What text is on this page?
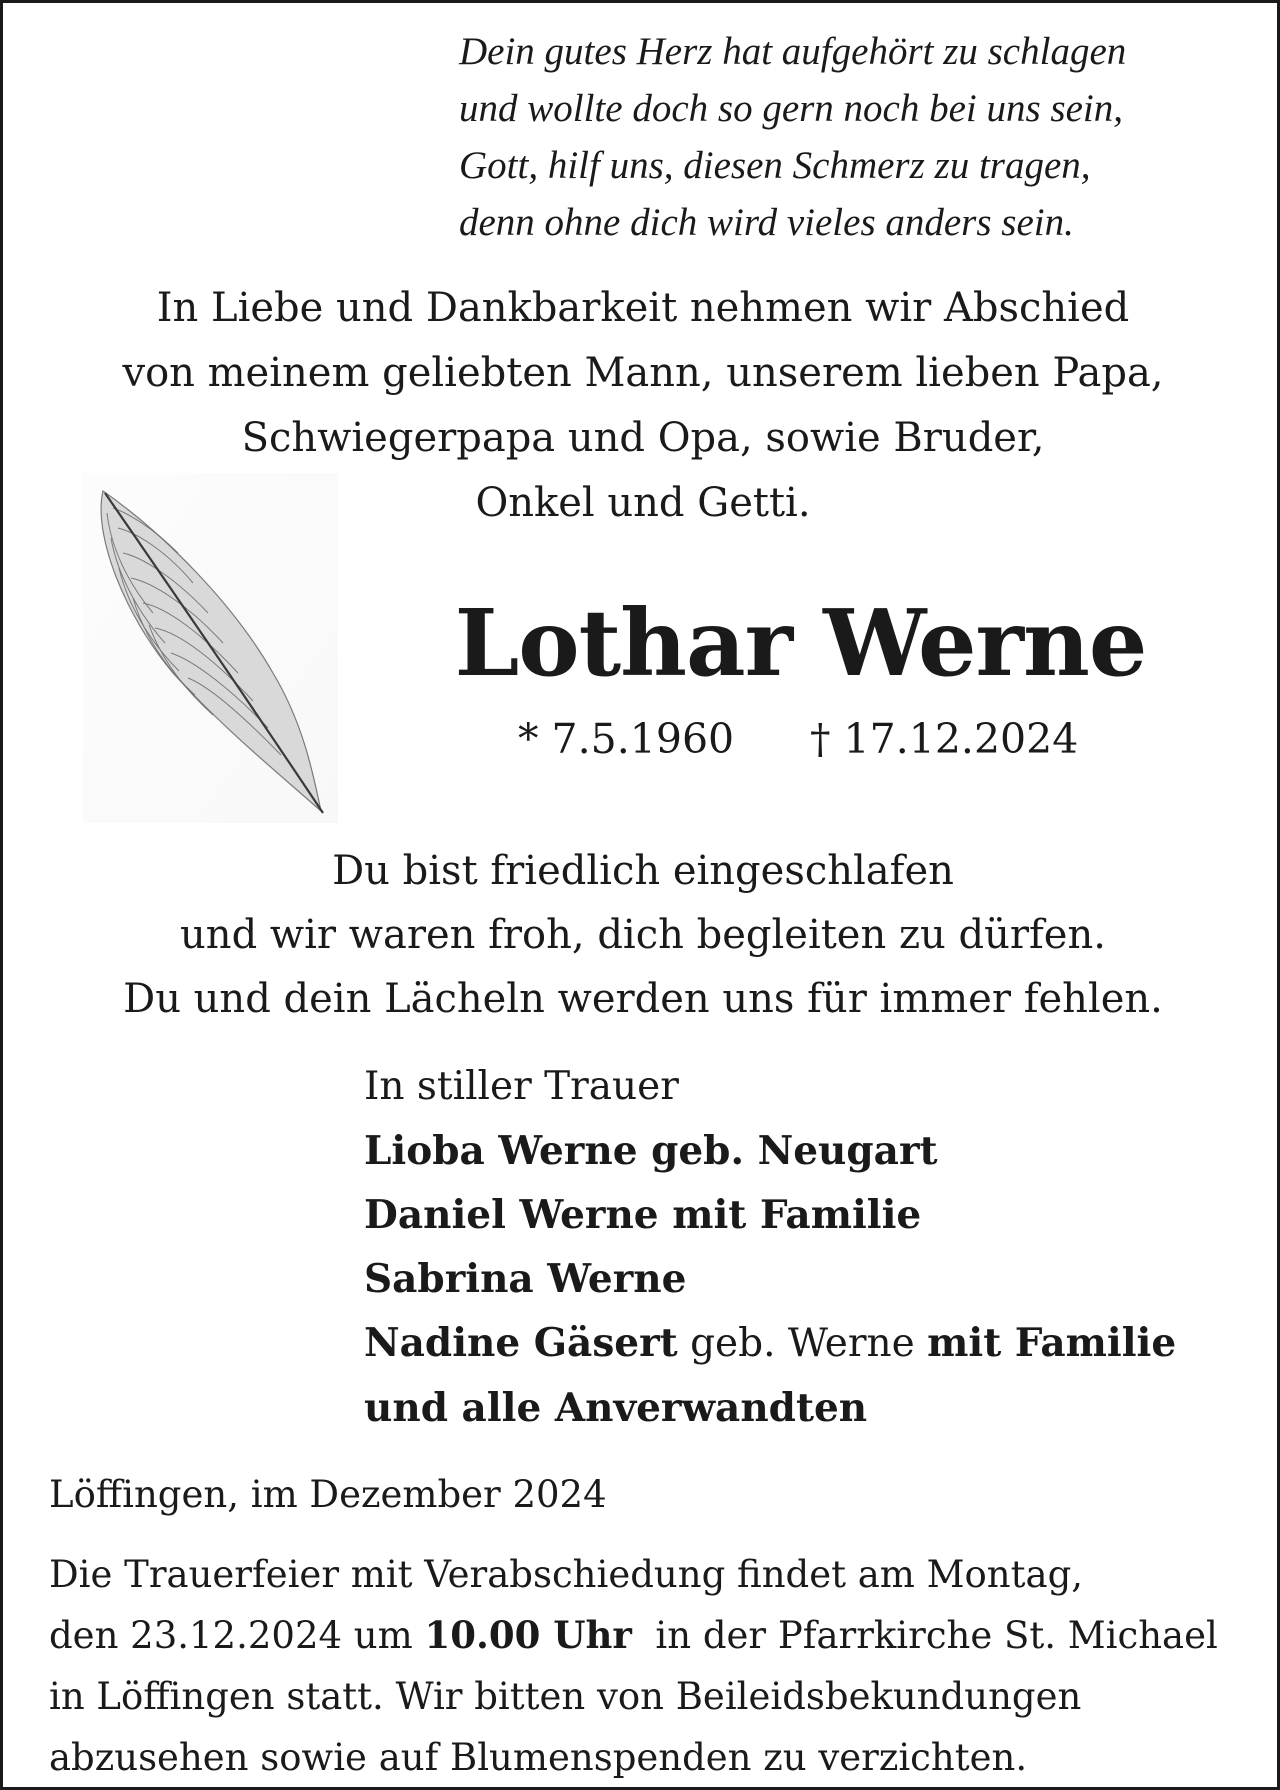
Dein gutes Herz hat aufgehört zu schlagen
und wollte doch so gern noch bei uns sein,
Gott, hilf uns, diesen Schmerz zu tragen,
denn ohne dich wird vieles anders sein.
In Liebe und Dankbarkeit nehmen wir Abschied
von meinem geliebten Mann, unserem lieben Papa,
Schwiegerpapa und Opa, sowie Bruder,
Onkel und Getti.
Lothar Werne
* 7.5.1960 † 17.12.2024
Du bist friedlich eingeschlafen
und wir waren froh, dich begleiten zu dürfen.
Du und dein Lächeln werden uns für immer fehlen.
In stiller Trauer
Lioba Werne geb. Neugart
Daniel Werne mit Familie
Sabrina Werne
Nadine Gäsert geb. Werne mit Familie
und alle Anverwandten
Löffingen, im Dezember 2024
Die Trauerfeier mit Verabschiedung findet am Montag,
den 23.12.2024 um 10.00 Uhr  in der Pfarrkirche St. Michael
in Löffingen statt. Wir bitten von Beileidsbekundungen
abzusehen sowie auf Blumenspenden zu verzichten.
